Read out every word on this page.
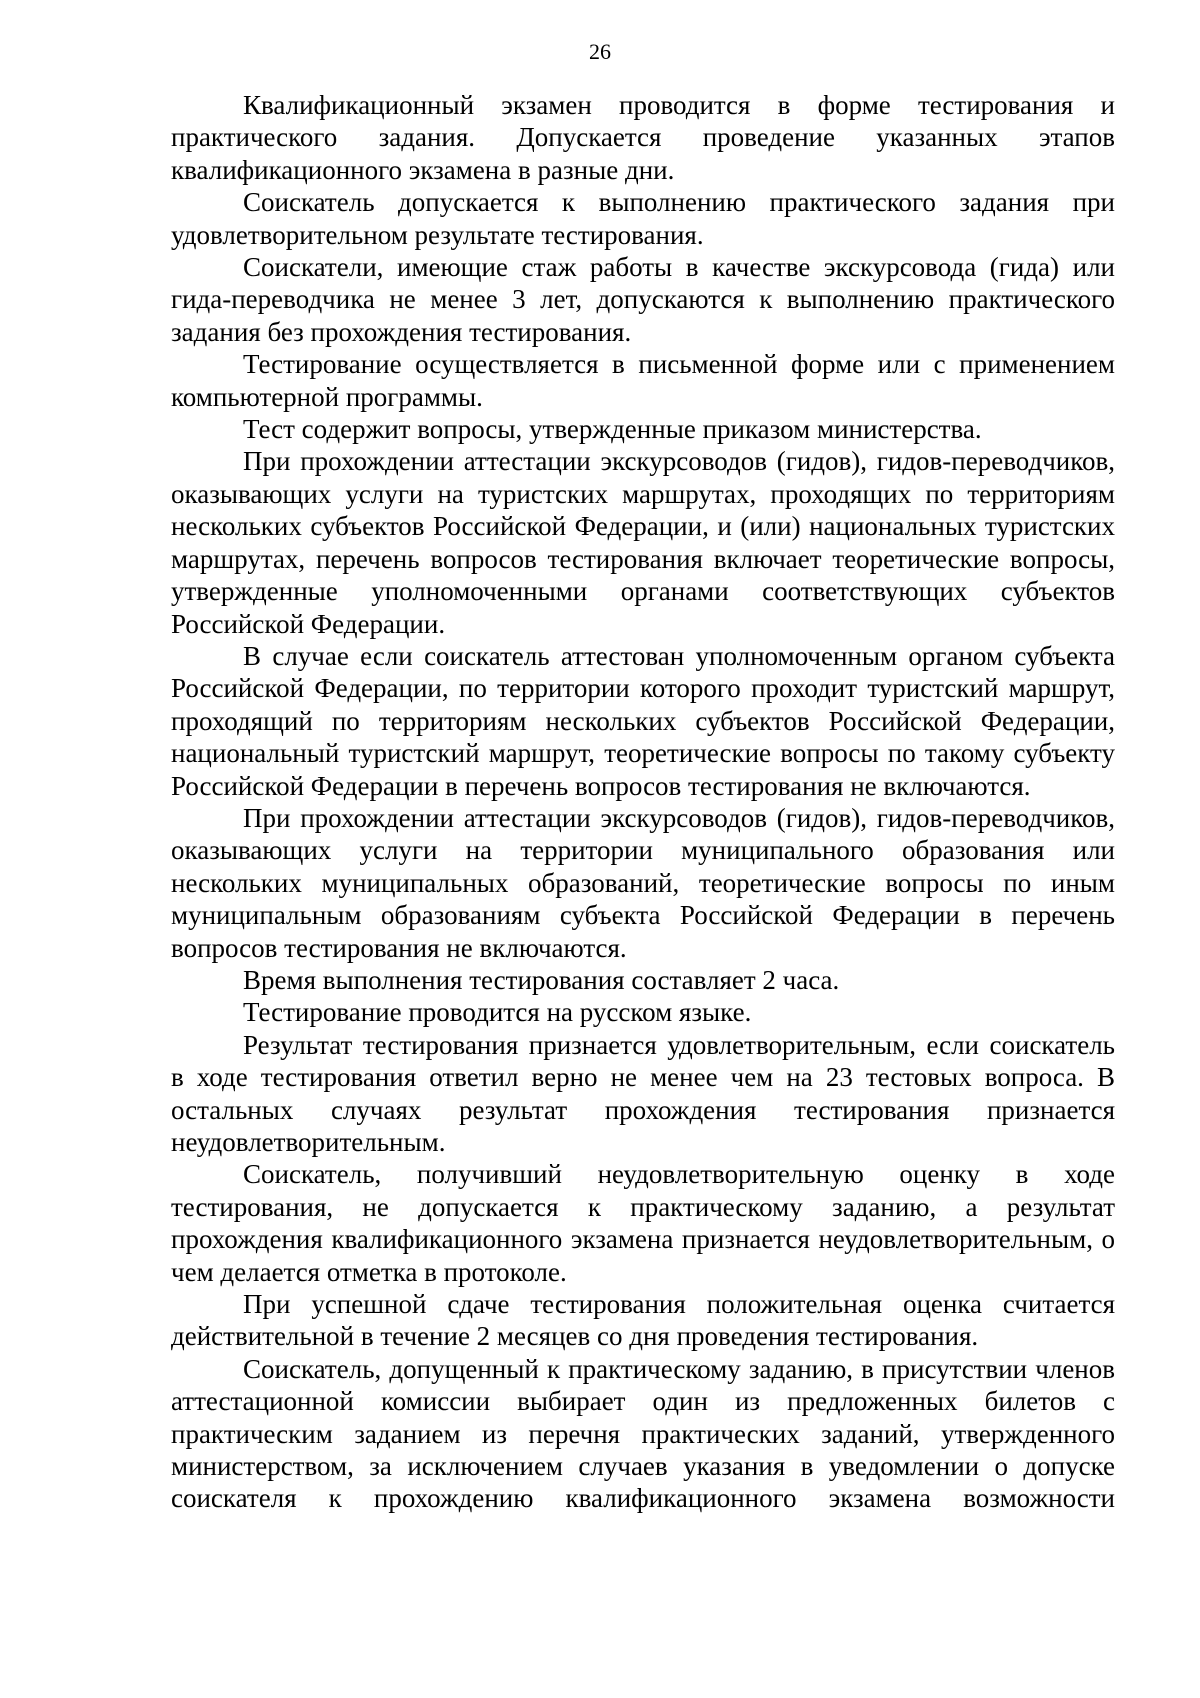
26

Квалификационный экзамен проводится в форме тестирования и практического задания. Допускается проведение указанных этапов квалификационного экзамена в разные дни.

Соискатель допускается к выполнению практического задания при удовлетворительном результате тестирования.

Соискатели, имеющие стаж работы в качестве экскурсовода (гида) или гида-переводчика не менее 3 лет, допускаются к выполнению практического задания без прохождения тестирования.

Тестирование осуществляется в письменной форме или с применением компьютерной программы.

Тест содержит вопросы, утвержденные приказом министерства.

При прохождении аттестации экскурсоводов (гидов), гидов-переводчиков, оказывающих услуги на туристских маршрутах, проходящих по территориям нескольких субъектов Российской Федерации, и (или) национальных туристских маршрутах, перечень вопросов тестирования включает теоретические вопросы, утвержденные уполномоченными органами соответствующих субъектов Российской Федерации.

В случае если соискатель аттестован уполномоченным органом субъекта Российской Федерации, по территории которого проходит туристский маршрут, проходящий по территориям нескольких субъектов Российской Федерации, национальный туристский маршрут, теоретические вопросы по такому субъекту Российской Федерации в перечень вопросов тестирования не включаются.

При прохождении аттестации экскурсоводов (гидов), гидов-переводчиков, оказывающих услуги на территории муниципального образования или нескольких муниципальных образований, теоретические вопросы по иным муниципальным образованиям субъекта Российской Федерации в перечень вопросов тестирования не включаются.

Время выполнения тестирования составляет 2 часа.

Тестирование проводится на русском языке.

Результат тестирования признается удовлетворительным, если соискатель в ходе тестирования ответил верно не менее чем на 23 тестовых вопроса. В остальных случаях результат прохождения тестирования признается неудовлетворительным.

Соискатель, получивший неудовлетворительную оценку в ходе тестирования, не допускается к практическому заданию, а результат прохождения квалификационного экзамена признается неудовлетворительным, о чем делается отметка в протоколе.

При успешной сдаче тестирования положительная оценка считается действительной в течение 2 месяцев со дня проведения тестирования.

Соискатель, допущенный к практическому заданию, в присутствии членов аттестационной комиссии выбирает один из предложенных билетов с практическим заданием из перечня практических заданий, утвержденного министерством, за исключением случаев указания в уведомлении о допуске соискателя к прохождению квалификационного экзамена возможности
